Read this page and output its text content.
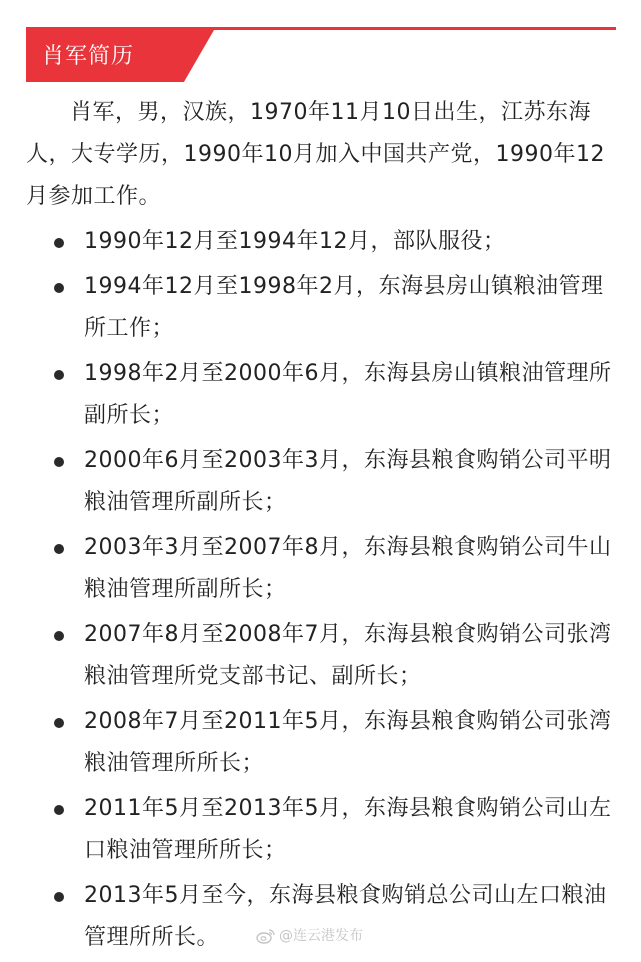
肖军简历

肖军，男，汉族，1970年11月10日出生，江苏东海人，大专学历，1990年10月加入中国共产党，1990年12月参加工作。

1990年12月至1994年12月，部队服役；
1994年12月至1998年2月，东海县房山镇粮油管理所工作；
1998年2月至2000年6月，东海县房山镇粮油管理所副所长；
2000年6月至2003年3月，东海县粮食购销公司平明粮油管理所副所长；
2003年3月至2007年8月，东海县粮食购销公司牛山粮油管理所副所长；
2007年8月至2008年7月，东海县粮食购销公司张湾粮油管理所党支部书记、副所长；
2008年7月至2011年5月，东海县粮食购销公司张湾粮油管理所所长；
2011年5月至2013年5月，东海县粮食购销公司山左口粮油管理所所长；
2013年5月至今，东海县粮食购销总公司山左口粮油管理所所长。	@连云港发布
